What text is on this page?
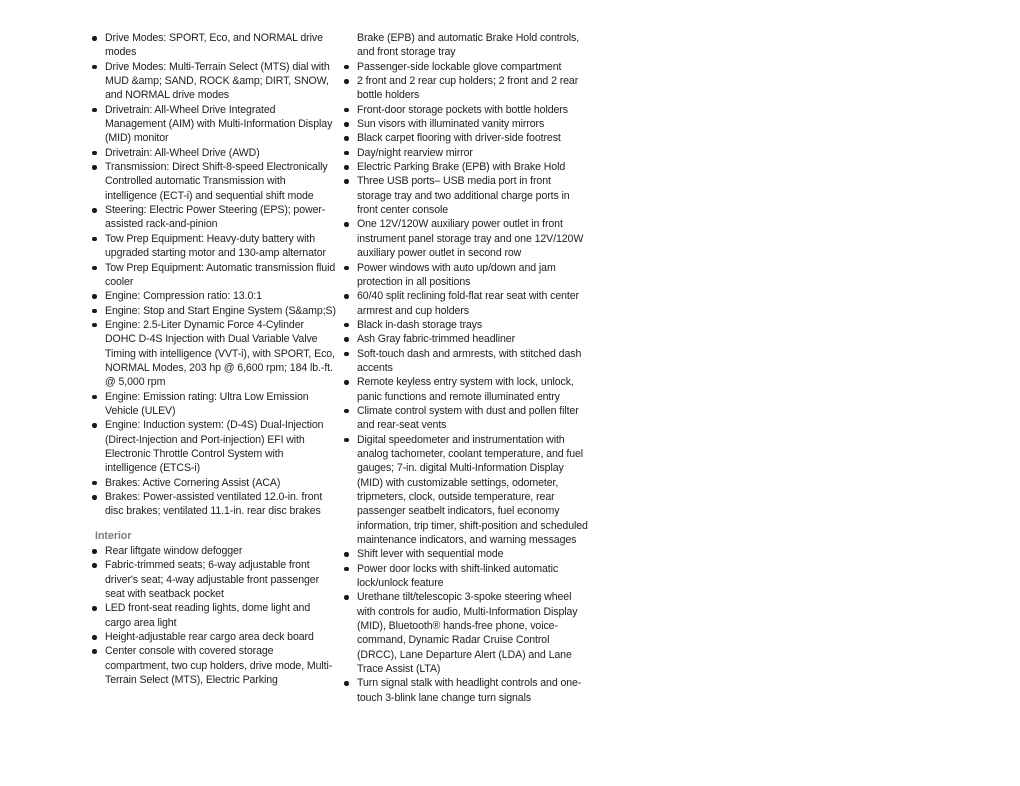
Drive Modes: SPORT, Eco, and NORMAL drive modes
Drive Modes: Multi-Terrain Select (MTS) dial with MUD &amp; SAND, ROCK &amp; DIRT, SNOW, and NORMAL drive modes
Drivetrain: All-Wheel Drive Integrated Management (AIM) with Multi-Information Display (MID) monitor
Drivetrain: All-Wheel Drive (AWD)
Transmission: Direct Shift-8-speed Electronically Controlled automatic Transmission with intelligence (ECT-i) and sequential shift mode
Steering: Electric Power Steering (EPS); power-assisted rack-and-pinion
Tow Prep Equipment: Heavy-duty battery with upgraded starting motor and 130-amp alternator
Tow Prep Equipment: Automatic transmission fluid cooler
Engine: Compression ratio: 13.0:1
Engine: Stop and Start Engine System (S&amp;S)
Engine: 2.5-Liter Dynamic Force 4-Cylinder DOHC D-4S Injection with Dual Variable Valve Timing with intelligence (VVT-i), with SPORT, Eco, NORMAL Modes, 203 hp @ 6,600 rpm; 184 lb.-ft. @ 5,000 rpm
Engine: Emission rating: Ultra Low Emission Vehicle (ULEV)
Engine: Induction system: (D-4S) Dual-Injection (Direct-Injection and Port-injection) EFI with Electronic Throttle Control System with intelligence (ETCS-i)
Brakes: Active Cornering Assist (ACA)
Brakes: Power-assisted ventilated 12.0-in. front disc brakes; ventilated 11.1-in. rear disc brakes
Interior
Rear liftgate window defogger
Fabric-trimmed seats; 6-way adjustable front driver's seat; 4-way adjustable front passenger seat with seatback pocket
LED front-seat reading lights, dome light and cargo area light
Height-adjustable rear cargo area deck board
Center console with covered storage compartment, two cup holders, drive mode, Multi-Terrain Select (MTS), Electric Parking
Brake (EPB) and automatic Brake Hold controls, and front storage tray
Passenger-side lockable glove compartment
2 front and 2 rear cup holders; 2 front and 2 rear bottle holders
Front-door storage pockets with bottle holders
Sun visors with illuminated vanity mirrors
Black carpet flooring with driver-side footrest
Day/night rearview mirror
Electric Parking Brake (EPB) with Brake Hold
Three USB ports– USB media port in front storage tray and two additional charge ports in front center console
One 12V/120W auxiliary power outlet in front instrument panel storage tray and one 12V/120W auxiliary power outlet in second row
Power windows with auto up/down and jam protection in all positions
60/40 split reclining fold-flat rear seat with center armrest and cup holders
Black in-dash storage trays
Ash Gray fabric-trimmed headliner
Soft-touch dash and armrests, with stitched dash accents
Remote keyless entry system with lock, unlock, panic functions and remote illuminated entry
Climate control system with dust and pollen filter and rear-seat vents
Digital speedometer and instrumentation with analog tachometer, coolant temperature, and fuel gauges; 7-in. digital Multi-Information Display (MID) with customizable settings, odometer, tripmeters, clock, outside temperature, rear passenger seatbelt indicators, fuel economy information, trip timer, shift-position and scheduled maintenance indicators, and warning messages
Shift lever with sequential mode
Power door locks with shift-linked automatic lock/unlock feature
Urethane tilt/telescopic 3-spoke steering wheel with controls for audio, Multi-Information Display (MID), Bluetooth® hands-free phone, voice-command, Dynamic Radar Cruise Control (DRCC), Lane Departure Alert (LDA) and Lane Trace Assist (LTA)
Turn signal stalk with headlight controls and one-touch 3-blink lane change turn signals
